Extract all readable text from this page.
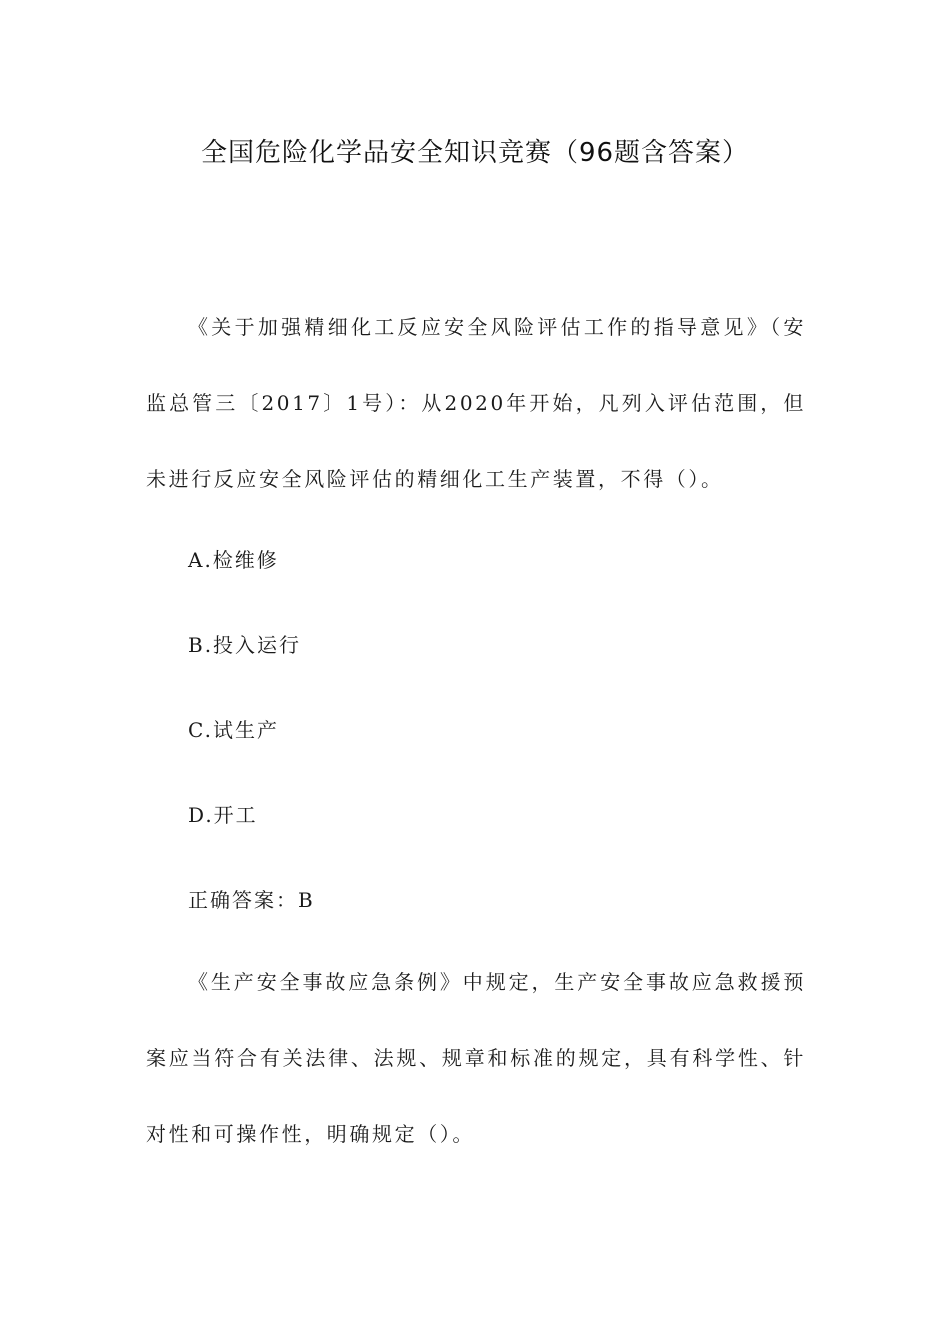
全国危险化学品安全知识竞赛（96题含答案）

《关于加强精细化工反应安全风险评估工作的指导意见》（安监总管三〔2017〕1号）：从2020年开始，凡列入评估范围，但未进行反应安全风险评估的精细化工生产装置，不得（）。

A.检维修
B.投入运行
C.试生产
D.开工
正确答案：B

《生产安全事故应急条例》中规定，生产安全事故应急救援预案应当符合有关法律、法规、规章和标准的规定，具有科学性、针对性和可操作性，明确规定（）。
